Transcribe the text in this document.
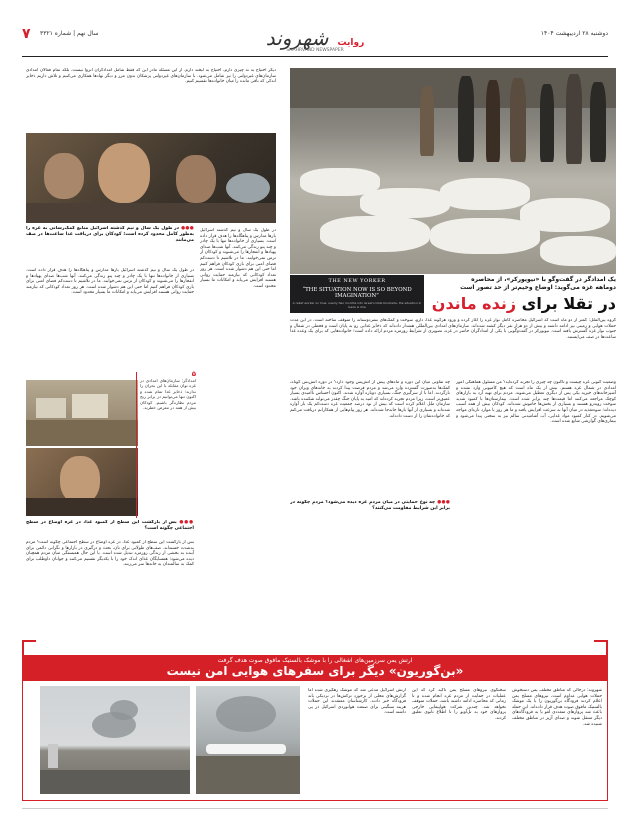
دوشنبه ۲۸ اردیبهشت ۱۴۰۴
روایت شهروند
SHAHRVAND NEWSPAPER
سال نهم | شماره ۳۳۲۱
۷
دیگر احتیاج به نه چیزی دارم، احتیاج به لبخند دارم. از این مسئله مادر این که فقط شامل امدادگران آنروا نیست، بلکه تمام فعالان امدادی سازمان‌های غیردولتی را نیز شامل می‌شود. با سازمان‌های غیردولتی پزشکان بدون مرز و دیگر نهادها همکاری می‌کنیم و تلاش داریم ذخایر اندکی که باقی مانده را میان خانواده‌ها تقسیم کنیم.
THE NEW YORKER
“THE SITUATION NOW IS SO BEYOND IMAGINATION”
A relief worker on how, nearly two months into Israel's total blockade, the situation in Gaza is dire
یک امدادگر در گفت‌وگو با «نیویورکر»، از محاصره
دوماهه غزه می‌گوید: اوضاع وخیم‌تر از حد تصور است
در تقلا برای زنده ماندن
گروه بین‌الملل: کمتر از دو ماه است که اسرائیل محاصره کامل نوار غزه را آغاز کرده و ورود هرگونه غذا، دارو، سوخت و کمک‌های بشردوستانه را متوقف ساخته است. در این مدت حملات هوایی و زمینی نیز ادامه داشته و بیش از دو هزار نفر دیگر کشته شده‌اند. سازمان‌های امدادی بین‌المللی هشدار داده‌اند که ذخایر غذایی رو به پایان است و قحطی در شمال و جنوب نوار غزه گسترش یافته است. نیویورکر در گفت‌وگویی با یکی از امدادگران حاضر در غزه، تصویری از شرایط روزمره مردم ارائه داده است؛ خانواده‌هایی که برای یک وعده غذا ساعت‌ها در صف می‌ایستند.
وضعیت کنونی غزه چیست و تاکنون چه چیزی را تجربه کرده‌اید؟ من مسئول هماهنگی امور امدادی در شمال غزه هستم. بیش از یک ماه است که هیچ کامیونی وارد نشده و آشپزخانه‌های خیریه یکی پس از دیگری تعطیل می‌شوند. مردم برای تهیه آرد به بازارهای کوچک مراجعه می‌کنند اما قیمت‌ها چند برابر شده است. بیمارستان‌ها با کمبود شدید سوخت روبه‌رو هستند و بسیاری از بخش‌ها خاموش شده‌اند. کودکان بیش از همه آسیب دیده‌اند؛ سوءتغذیه در میان آنها به سرعت افزایش یافته و ما هر روز با موارد تازه‌ای مواجه می‌شویم. در کنار کمبود مواد غذایی، آب آشامیدنی سالم نیز به سختی پیدا می‌شود و بیماری‌های گوارشی شایع شده است.
چه تفاوتی میان این دوره و ماه‌های پیش از آتش‌بس وجود دارد؟ در دوره آتش‌بس کوتاه، کمک‌ها به‌صورت گسترده وارد می‌شد و مردم فرصت پیدا کردند به خانه‌های ویران خود بازگردند. اما با از سرگیری جنگ، بسیاری دوباره آواره شدند. اکنون احساس ناامیدی بسیار عمیق‌تر است، زیرا مردم تجربه کرده‌اند که امید به پایان جنگ چقدر می‌تواند شکننده باشد. سازمان ملل اعلام کرده است که بیش از نود درصد جمعیت غزه دست‌کم یک بار آواره شده‌اند و بسیاری از آنها بارها جابه‌جا شده‌اند. هر روز پیام‌هایی از همکارانم دریافت می‌کنم که خانواده‌شان را از دست داده‌اند.
در طول یک سال و نیم گذشته اسرائیل بارها مدارس و پناهگاه‌ها را هدف قرار داده است. بسیاری از خانواده‌ها تنها با یک چادر و چند پتو زندگی می‌کنند. آنها شب‌ها صدای پهپادها و انفجارها را می‌شنوند و کودکان از ترس نمی‌خوابند. ما در تلاشیم تا دست‌کم فضای امنی برای بازی کودکان فراهم کنیم اما حتی این هم دشوار شده است. هر روز تعداد کودکانی که نیازمند حمایت روانی هستند افزایش می‌یابد و امکانات ما بسیار محدود است.
●●● در طول یک سال و نیم گذشته اسرائیل منابع کمک‌رسانی به غزه را به‌طور کامل محدود کرده است؛ کودکان برای دریافت غذا ساعت‌ها در صف می‌مانند
در طول یک سال و نیم گذشته اسرائیل بارها مدارس و پناهگاه‌ها را هدف قرار داده است. بسیاری از خانواده‌ها تنها با یک چادر و چند پتو زندگی می‌کنند. آنها شب‌ها صدای پهپادها و انفجارها را می‌شنوند و کودکان از ترس نمی‌خوابند. ما در تلاشیم تا دست‌کم فضای امنی برای بازی کودکان فراهم کنیم اما حتی این هم دشوار شده است. هر روز تعداد کودکانی که نیازمند حمایت روانی هستند افزایش می‌یابد و امکانات ما بسیار محدود است.
۵
امدادگر: سازمان‌های امدادی در غزه توان مقابله با این بحران را ندارند؛ ذخایر غذا تمام شده و اکنون تنها می‌توانیم در برابر رنج مردم نظاره‌گر باشیم. کودکان بیش از همه در معرض خطرند.
●●● بس از بازگشت این سطح از کمبود غذا، در غزه اوضاع در سطح اجتماعی چگونه است؟
بس از بازگشت این سطح از کمبود غذا، در غزه اوضاع در سطح اجتماعی چگونه است؟ مردم به‌شدت خسته‌اند. صف‌های طولانی برای نان، بحث و درگیری در بازارها و نگرانی دائمی برای آینده به بخشی از زندگی روزمره تبدیل شده است. با این حال همبستگی میان مردم همچنان دیده می‌شود؛ همسایگان غذای اندک خود را با یکدیگر تقسیم می‌کنند و جوانان داوطلب برای کمک به سالمندان به خانه‌ها سر می‌زنند.
●●● چه نوع حمایتی در میان مردم غزه دیده می‌شود؟ مردم چگونه در برابر این شرایط مقاومت می‌کنند؟
ارتش یمن سرزمین‌های اشغالی را با موشک بالستیک مافوق صوت هدف گرفت
«بن‌گوریون» دیگر برای سفرهای هوایی امن نیست
شهروند: درحالی که مناطق مختلف یمن دستخوش حملات هوایی مداوم است، نیروهای مسلح یمن اعلام کردند فرودگاه بن‌گوریون را با یک موشک بالستیک مافوق صوت هدف قرار داده‌اند. این حمله باعث شد پروازهای متعددی لغو یا به فرودگاه‌های دیگر منتقل شوند و صدای آژیر در مناطق مختلف شنیده شد.
سخنگوی نیروهای مسلح یمن تأکید کرد که این عملیات در حمایت از مردم غزه انجام شده و تا زمانی که محاصره ادامه داشته باشد، حملات متوقف نخواهد شد. چندین شرکت هواپیمایی خارجی پروازهای خود به تل‌آویو را تا اطلاع ثانوی تعلیق کردند.
ارتش اسرائیل مدعی شد که موشک رهگیری شده اما گزارش‌های محلی از برخورد ترکش‌ها در نزدیکی باند فرودگاه خبر دادند. کارشناسان معتقدند این حملات هزینه سنگینی برای صنعت هوانوردی اسرائیل در پی داشته است.
